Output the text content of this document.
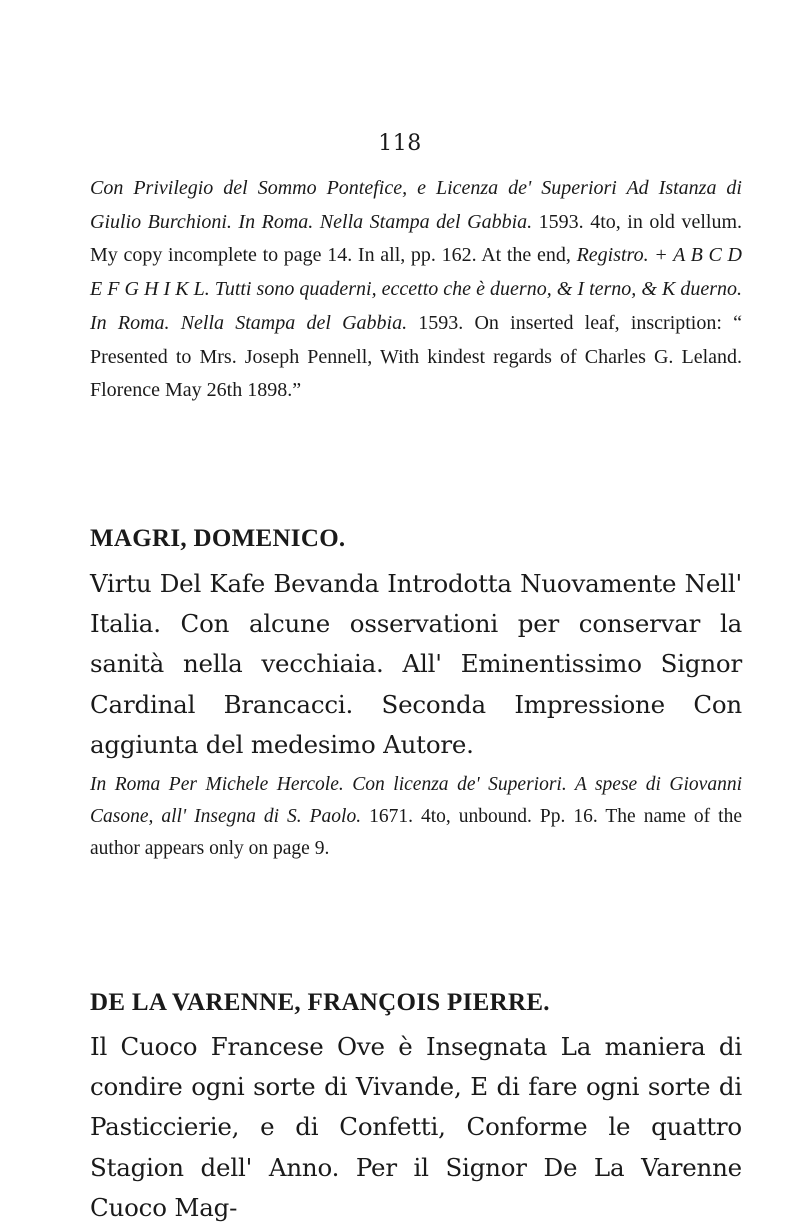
118

Con Privilegio del Sommo Pontefice, e Licenza de' Superiori Ad Istanza di Giulio Burchioni. In Roma. Nella Stampa del Gabbia. 1593. 4to, in old vellum. My copy incomplete to page 14. In all, pp. 162. At the end, Registro. + A B C D E F G H I K L. Tutti sono quaderni, eccetto che è duerno, & I terno, & K duerno. In Roma. Nella Stampa del Gabbia. 1593. On inserted leaf, inscription: “ Presented to Mrs. Joseph Pennell, With kindest regards of Charles G. Leland. Florence May 26th 1898.”

MAGRI, DOMENICO.

Virtu Del Kafe Bevanda Introdotta Nuovamente Nell' Italia. Con alcune osservationi per conservar la sanità nella vecchiaia. All' Eminentissimo Signor Cardinal Brancacci. Seconda Impressione Con aggiunta del medesimo Autore.

In Roma Per Michele Hercole. Con licenza de' Superiori. A spese di Giovanni Casone, all' Insegna di S. Paolo. 1671. 4to, unbound. Pp. 16. The name of the author appears only on page 9.

DE LA VARENNE, FRANÇOIS PIERRE.

Il Cuoco Francese Ove è Insegnata La maniera di condire ogni sorte di Vivande, E di fare ogni sorte di Pasticcierie, e di Confetti, Conforme le quattro Stagion dell' Anno. Per il Signor De La Varenne Cuoco Mag-
